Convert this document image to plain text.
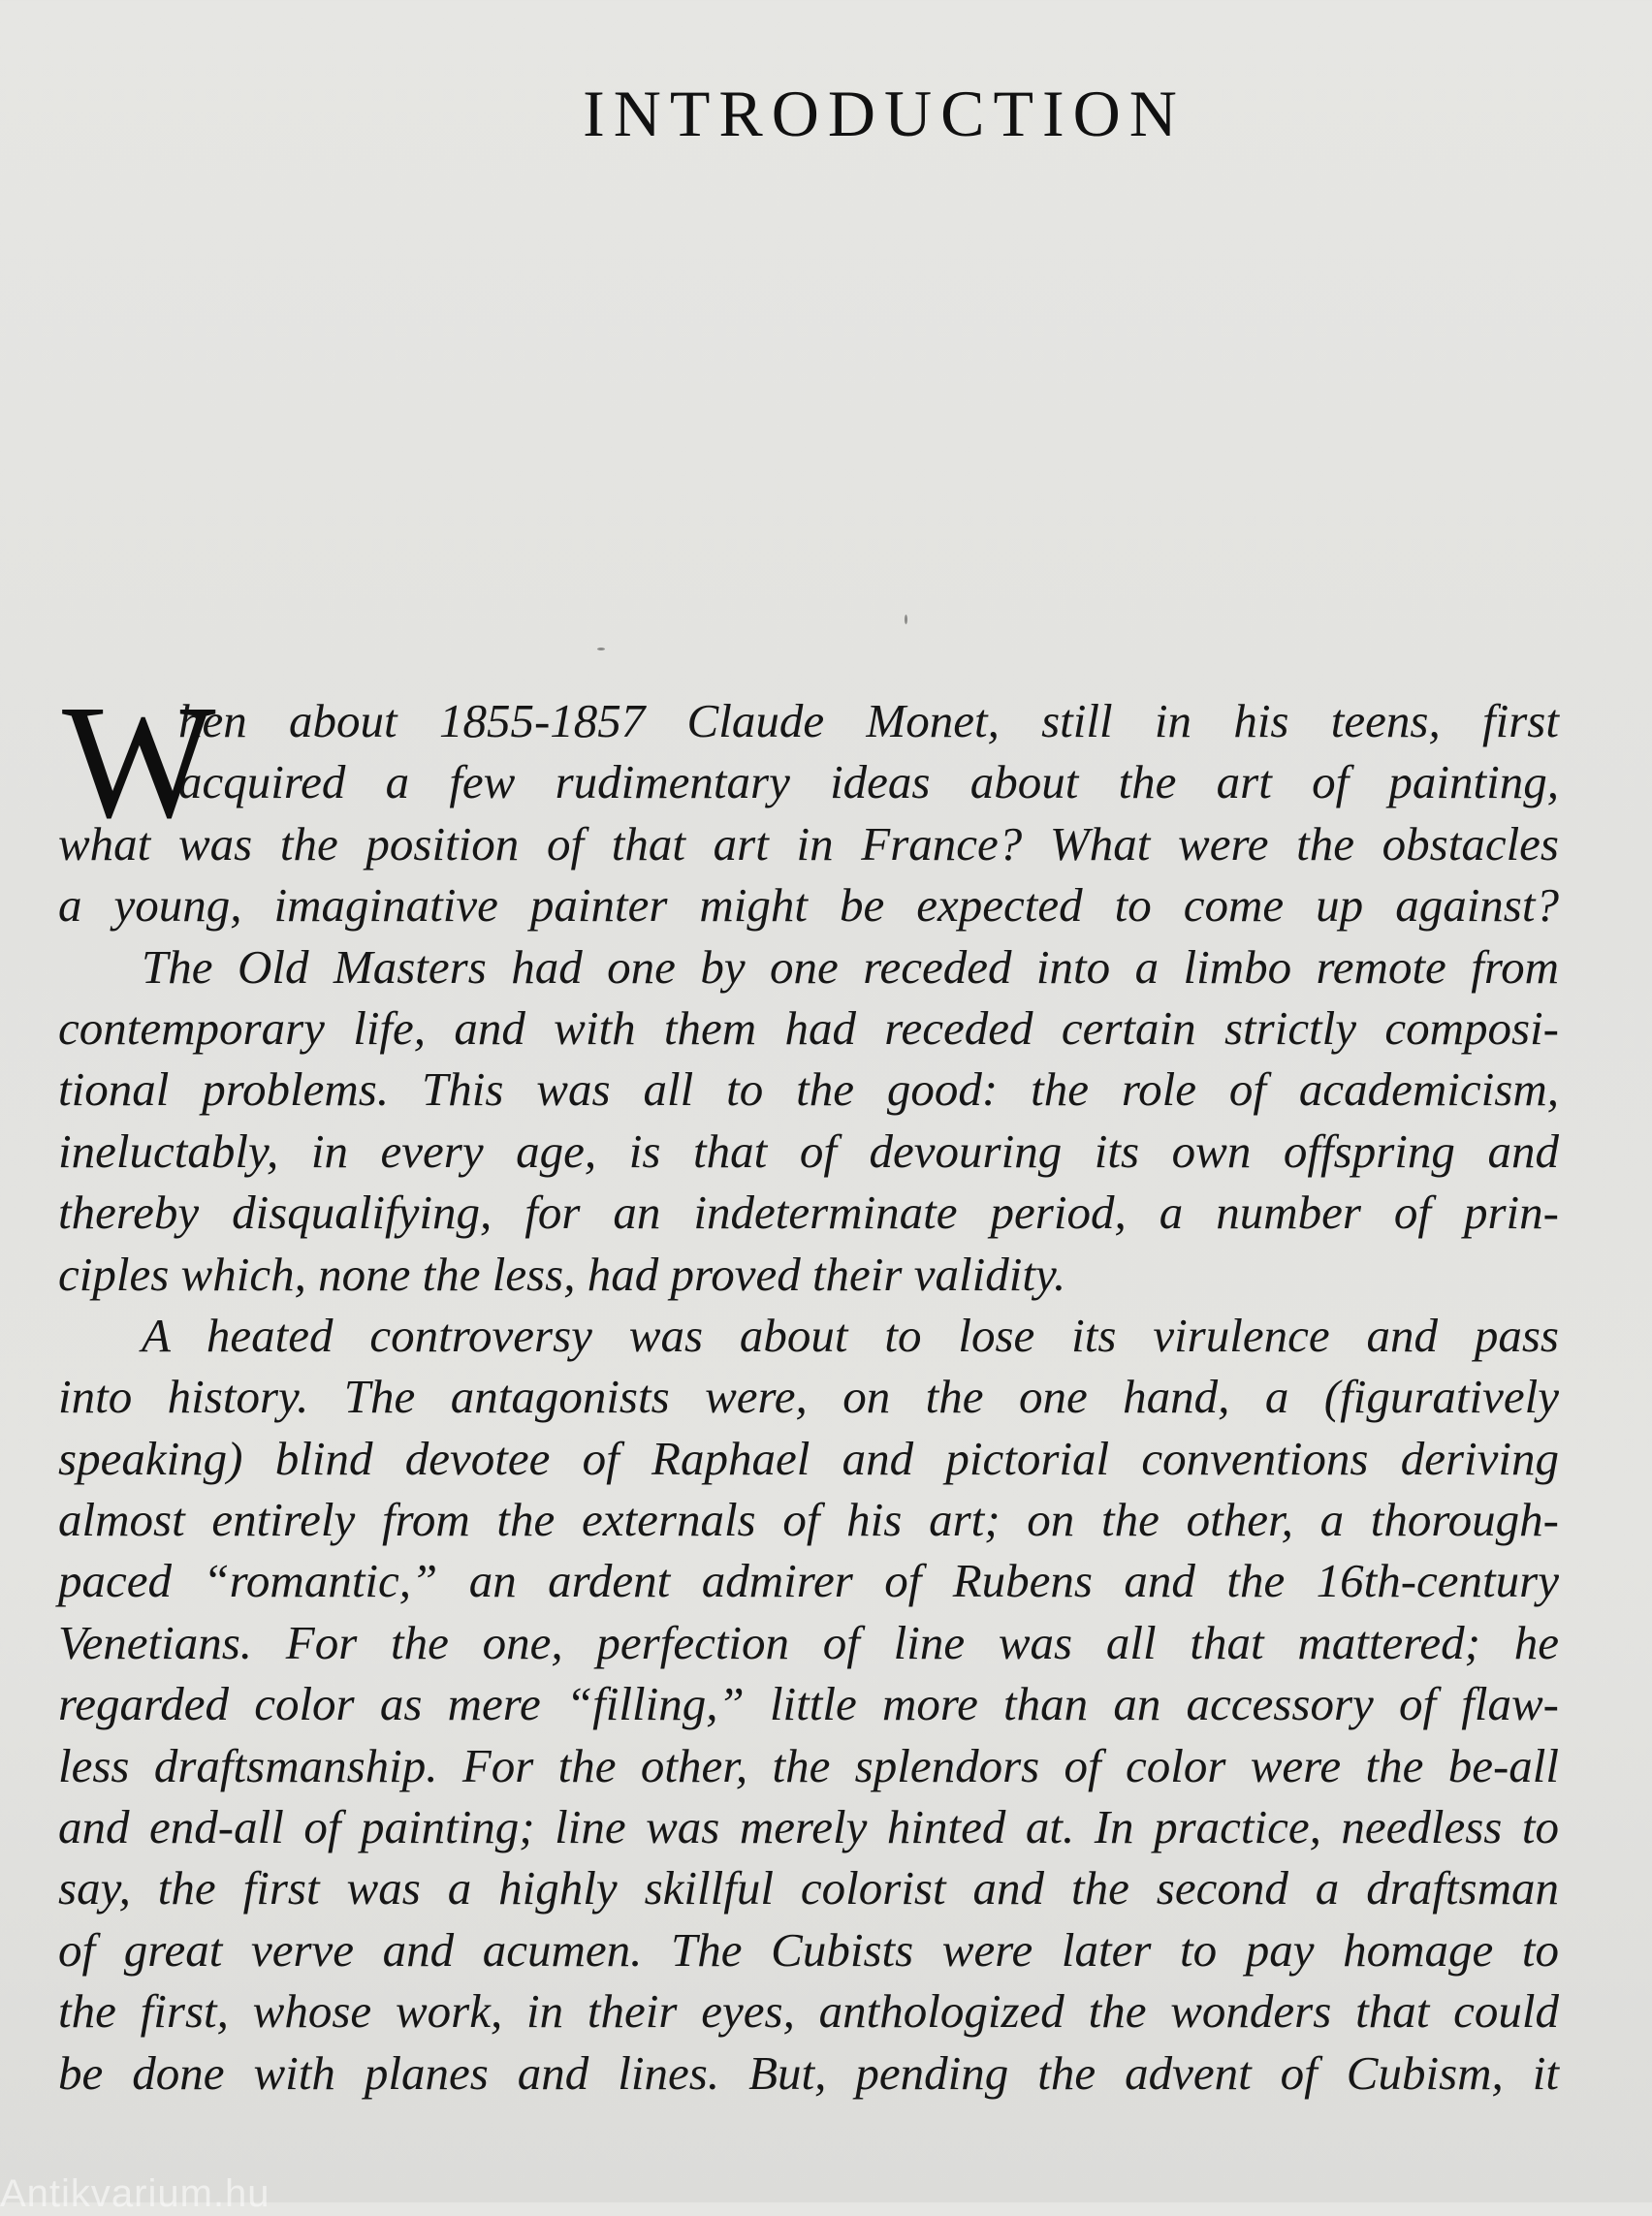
INTRODUCTION
W
hen about 1855-1857 Claude Monet, still in his teens, first
acquired a few rudimentary ideas about the art of painting,
what was the position of that art in France? What were the obstacles
a young, imaginative painter might be expected to come up against?
The Old Masters had one by one receded into a limbo remote from
contemporary life, and with them had receded certain strictly composi-
tional problems. This was all to the good: the role of academicism,
ineluctably, in every age, is that of devouring its own offspring and
thereby disqualifying, for an indeterminate period, a number of prin-
ciples which, none the less, had proved their validity.
A heated controversy was about to lose its virulence and pass
into history. The antagonists were, on the one hand, a (figuratively
speaking) blind devotee of Raphael and pictorial conventions deriving
almost entirely from the externals of his art; on the other, a thorough-
paced “romantic,” an ardent admirer of Rubens and the 16th-century
Venetians. For the one, perfection of line was all that mattered; he
regarded color as mere “filling,” little more than an accessory of flaw-
less draftsmanship. For the other, the splendors of color were the be-all
and end-all of painting; line was merely hinted at. In practice, needless to
say, the first was a highly skillful colorist and the second a draftsman
of great verve and acumen. The Cubists were later to pay homage to
the first, whose work, in their eyes, anthologized the wonders that could
be done with planes and lines. But, pending the advent of Cubism, it
Antikvarium.hu
